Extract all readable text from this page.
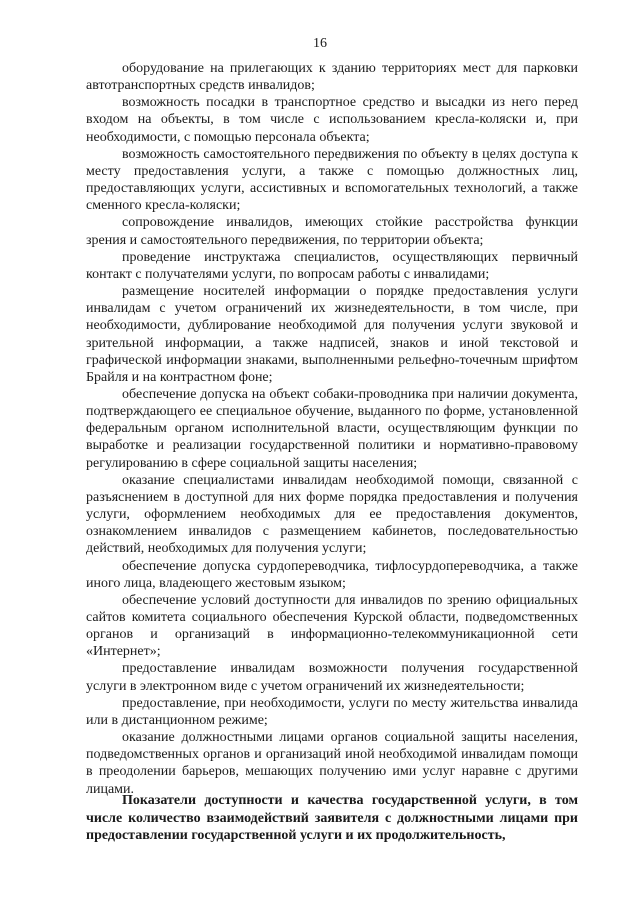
16

оборудование на прилегающих к зданию территориях мест для парковки автотранспортных средств инвалидов;

возможность посадки в транспортное средство и высадки из него перед входом на объекты, в том числе с использованием кресла-коляски и, при необходимости, с помощью персонала объекта;

возможность самостоятельного передвижения по объекту в целях доступа к месту предоставления услуги, а также с помощью должностных лиц, предоставляющих услуги, ассистивных и вспомогательных технологий, а также сменного кресла-коляски;

сопровождение инвалидов, имеющих стойкие расстройства функции зрения и самостоятельного передвижения, по территории объекта;

проведение инструктажа специалистов, осуществляющих первичный контакт с получателями услуги, по вопросам работы с инвалидами;

размещение носителей информации о порядке предоставления услуги инвалидам с учетом ограничений их жизнедеятельности, в том числе, при необходимости, дублирование необходимой для получения услуги звуковой и зрительной информации, а также надписей, знаков и иной текстовой и графической информации знаками, выполненными рельефно-точечным шрифтом Брайля и на контрастном фоне;

обеспечение допуска на объект собаки-проводника при наличии документа, подтверждающего ее специальное обучение, выданного по форме, установленной федеральным органом исполнительной власти, осуществляющим функции по выработке и реализации государственной политики и нормативно-правовому регулированию в сфере социальной защиты населения;

оказание специалистами инвалидам необходимой помощи, связанной с разъяснением в доступной для них форме порядка предоставления и получения услуги, оформлением необходимых для ее предоставления документов, ознакомлением инвалидов с размещением кабинетов, последовательностью действий, необходимых для получения услуги;

обеспечение допуска сурдопереводчика, тифлосурдопереводчика, а также иного лица, владеющего жестовым языком;

обеспечение условий доступности для инвалидов по зрению официальных сайтов комитета социального обеспечения Курской области, подведомственных органов и организаций в информационно-телекоммуникационной сети «Интернет»;

предоставление инвалидам возможности получения государственной услуги в электронном виде с учетом ограничений их жизнедеятельности;

предоставление, при необходимости, услуги по месту жительства инвалида или в дистанционном режиме;

оказание должностными лицами органов социальной защиты населения, подведомственных органов и организаций иной необходимой инвалидам помощи в преодолении барьеров, мешающих получению ими услуг наравне с другими лицами.

Показатели доступности и качества государственной услуги, в том числе количество взаимодействий заявителя с должностными лицами при предоставлении государственной услуги и их продолжительность,
